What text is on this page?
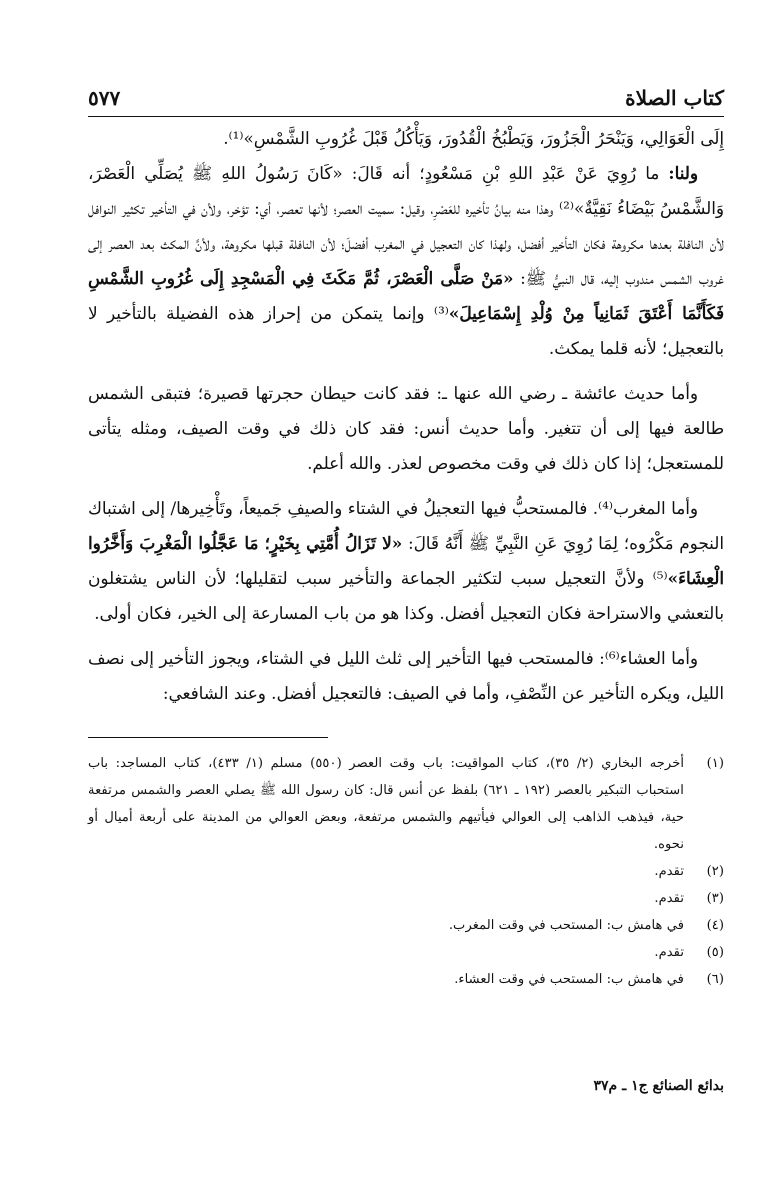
كتاب الصلاة
٥٧٧

إِلَى الْعَوَالِي، وَيَنْحَرُ الْجَزُورَ، وَيَطْبُخُ الْقُدُورَ، وَيَأْكُلُ قَبْلَ غُرُوبِ الشَّمْسِ»⁽¹⁾.

ولنا: ما رُوِيَ عَنْ عَبْدِ اللهِ بْنِ مَسْعُودٍ؛ أنه قَالَ: «كَانَ رَسُولُ اللهِ ﷺ يُصَلِّي الْعَصْرَ، وَالشَّمْسُ بَيْضَاءُ نَقِيَّةٌ»⁽²⁾ وهذا منه بيانُ تأخيره للعَصْرِ، وقيل: سميت العصر؛ لأنها تعصر، أي: تؤخر، ولأن في التأخير تكثير النوافل لأن النافلة بعدها مكروهة فكان التأخير أفضل، ولهذا كان التعجيل في المغرب أفضلَ؛ لأن النافلة قبلها مكروهة، ولأنَّ المكث بعد العصر إلى غروب الشمس مندوب إليه، قال النبيُّ ﷺ: «مَنْ صَلَّى الْعَصْرَ، ثُمَّ مَكَثَ فِي الْمَسْجِدِ إِلَى غُرُوبِ الشَّمْسِ فَكَأَنَّمَا أَعْتَقَ ثَمَانِياً مِنْ وُلْدِ إِسْمَاعِيلَ»⁽³⁾ وإنما يتمكن من إحراز هذه الفضيلة بالتأخير لا بالتعجيل؛ لأنه قلما يمكث.

وأما حديث عائشة ـ رضي الله عنها ـ: فقد كانت حيطان حجرتها قصيرة؛ فتبقى الشمس طالعة فيها إلى أن تتغير. وأما حديث أنس: فقد كان ذلك في وقت الصيف، ومثله يتأتى للمستعجل؛ إذا كان ذلك في وقت مخصوص لعذر. والله أعلم.

وأما المغرب⁽⁴⁾. فالمستحبُّ فيها التعجيلُ في الشتاء والصيفِ جَميعاً، وتَأْخِيرها/ إلى اشتباك النجوم مَكْرُوه؛ لِمَا رُوِيَ عَنِ النَّبِيِّ ﷺ أَنَّهُ قَالَ: «لا تَزَالُ أُمَّتِي بِخَيْرٍ؛ مَا عَجَّلُوا الْمَغْرِبَ وَأَخَّرُوا الْعِشَاءَ»⁽⁵⁾ ولأنَّ التعجيل سبب لتكثير الجماعة والتأخير سبب لتقليلها؛ لأن الناس يشتغلون بالتعشي والاستراحة فكان التعجيل أفضل. وكذا هو من باب المسارعة إلى الخير، فكان أولى.

وأما العشاء⁽⁶⁾: فالمستحب فيها التأخير إلى ثلث الليل في الشتاء، ويجوز التأخير إلى نصف الليل، ويكره التأخير عن النِّصْفِ، وأما في الصيف: فالتعجيل أفضل. وعند الشافعي:

(١)
أخرجه البخاري (٢/ ٣٥)، كتاب المواقيت: باب وقت العصر (٥٥٠) مسلم (١/ ٤٣٣)، كتاب المساجد: باب استحباب التبكير بالعصر (١٩٢ ـ ٦٢١) بلفظ عن أنس قال: كان رسول الله ﷺ يصلي العصر والشمس مرتفعة حية، فيذهب الذاهب إلى العوالي فيأتيهم والشمس مرتفعة، وبعض العوالي من المدينة على أربعة أميال أو نحوه.
(٢)
تقدم.
(٣)
تقدم.
(٤)
في هامش ب: المستحب في وقت المغرب.
(٥)
تقدم.
(٦)
في هامش ب: المستحب في وقت العشاء.
بدائع الصنائع ج١ ـ م٣٧
